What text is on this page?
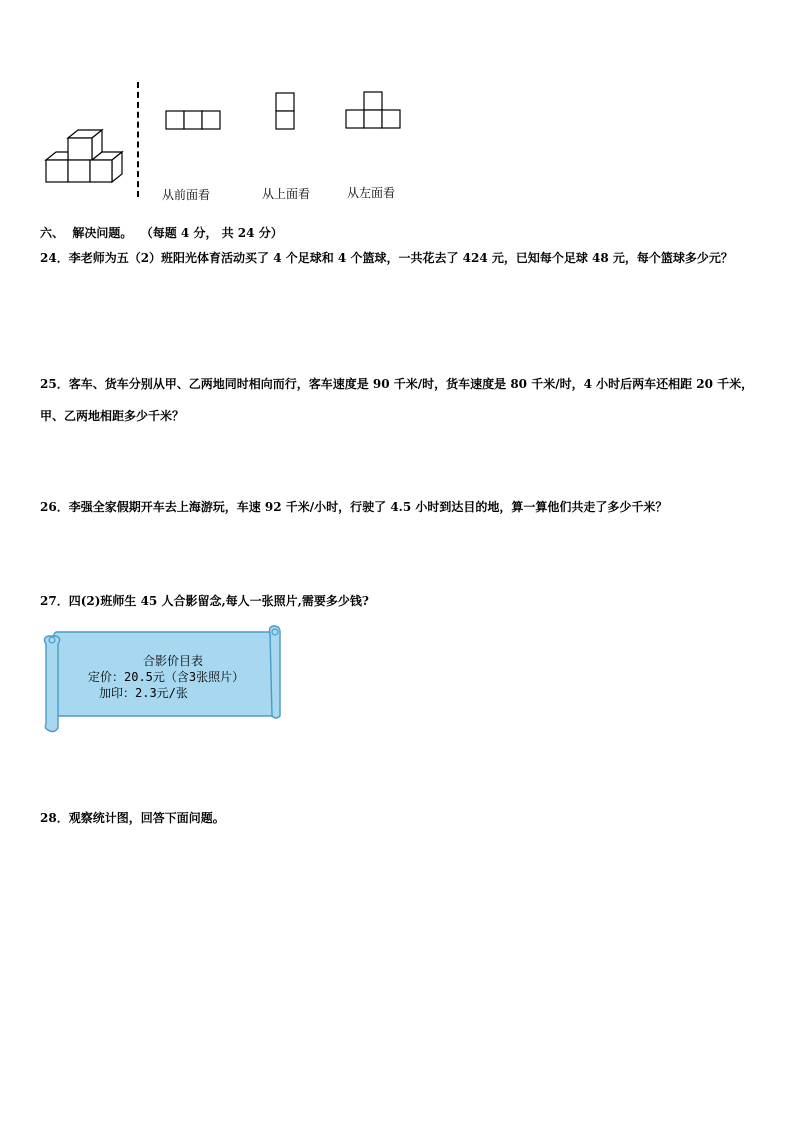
从前面看	从上面看	从左面看
六、 解决问题。 （每题 4 分， 共 24 分）
24．李老师为五（2）班阳光体育活动买了 4 个足球和 4 个篮球，一共花去了 424 元，已知每个足球 48 元，每个篮球多少元？
25．客车、货车分别从甲、乙两地同时相向而行，客车速度是 90 千米/时，货车速度是 80 千米/时，4 小时后两车还相距 20 千米，甲、乙两地相距多少千米？
26．李强全家假期开车去上海游玩，车速 92 千米/小时，行驶了 4.5 小时到达目的地，算一算他们共走了多少千米？
27．四(2)班师生 45 人合影留念,每人一张照片,需要多少钱?
合影价目表
定价：20.5元（含3张照片）
加印：2.3元/张
28．观察统计图，回答下面问题。
